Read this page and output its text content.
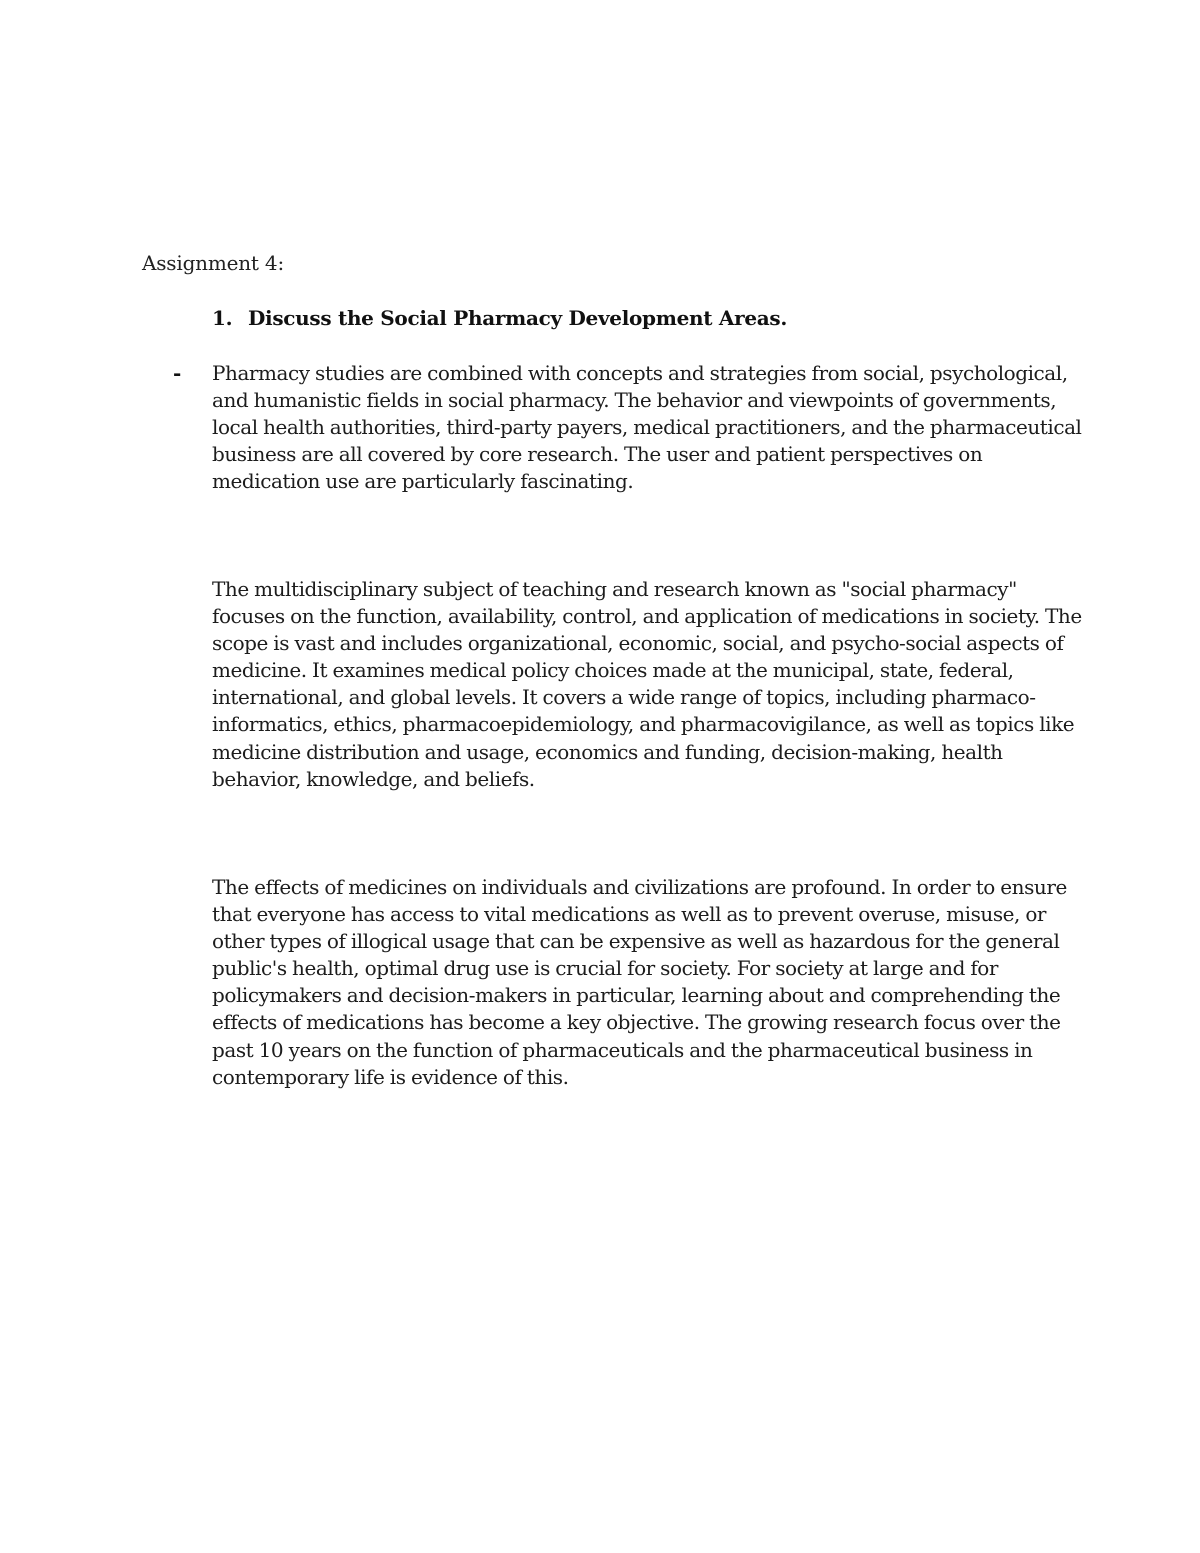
Assignment 4:
1. Discuss the Social Pharmacy Development Areas.
- Pharmacy studies are combined with concepts and strategies from social, psychological, and humanistic fields in social pharmacy. The behavior and viewpoints of governments, local health authorities, third-party payers, medical practitioners, and the pharmaceutical business are all covered by core research. The user and patient perspectives on medication use are particularly fascinating.
The multidisciplinary subject of teaching and research known as "social pharmacy" focuses on the function, availability, control, and application of medications in society. The scope is vast and includes organizational, economic, social, and psycho-social aspects of medicine. It examines medical policy choices made at the municipal, state, federal, international, and global levels. It covers a wide range of topics, including pharmaco-informatics, ethics, pharmacoepidemiology, and pharmacovigilance, as well as topics like medicine distribution and usage, economics and funding, decision-making, health behavior, knowledge, and beliefs.
The effects of medicines on individuals and civilizations are profound. In order to ensure that everyone has access to vital medications as well as to prevent overuse, misuse, or other types of illogical usage that can be expensive as well as hazardous for the general public's health, optimal drug use is crucial for society. For society at large and for policymakers and decision-makers in particular, learning about and comprehending the effects of medications has become a key objective. The growing research focus over the past 10 years on the function of pharmaceuticals and the pharmaceutical business in contemporary life is evidence of this.
